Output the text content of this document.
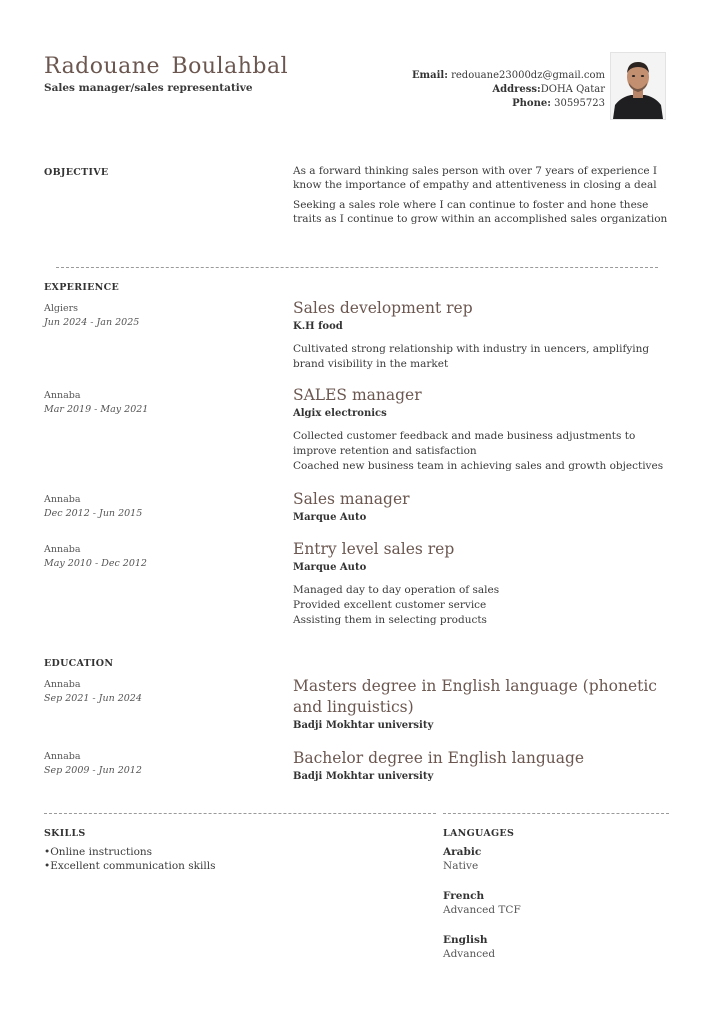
Radouane Boulahbal
Sales manager/sales representative
Email: redouane23000dz@gmail.com
Address:DOHA Qatar
Phone: 30595723
OBJECTIVE	As a forward thinking sales person with over 7 years of experience I know the importance of empathy and attentiveness in closing a deal

Seeking a sales role where I can continue to foster and hone these traits as I continue to grow within an accomplished sales organization

EXPERIENCE
Algiers
Jun 2024 - Jan 2025
Sales development rep
K.H food
Cultivated strong relationship with industry in uencers, amplifying brand visibility in the market
Annaba
Mar 2019 - May 2021
SALES manager
Algix electronics
Collected customer feedback and made business adjustments to improve retention and satisfaction
Coached new business team in achieving sales and growth objectives
Annaba
Dec 2012 - Jun 2015
Sales manager
Marque Auto
Annaba
May 2010 - Dec 2012
Entry level sales rep
Marque Auto
Managed day to day operation of sales
Provided excellent customer service
Assisting them in selecting products
EDUCATION
Annaba
Sep 2021 - Jun 2024
Masters degree in English language (phonetic and linguistics)
Badji Mokhtar university
Annaba
Sep 2009 - Jun 2012
Bachelor degree in English language
Badji Mokhtar university
SKILLS
•Online instructions
•Excellent communication skills
LANGUAGES
Arabic
Native
French
Advanced TCF
English
Advanced
